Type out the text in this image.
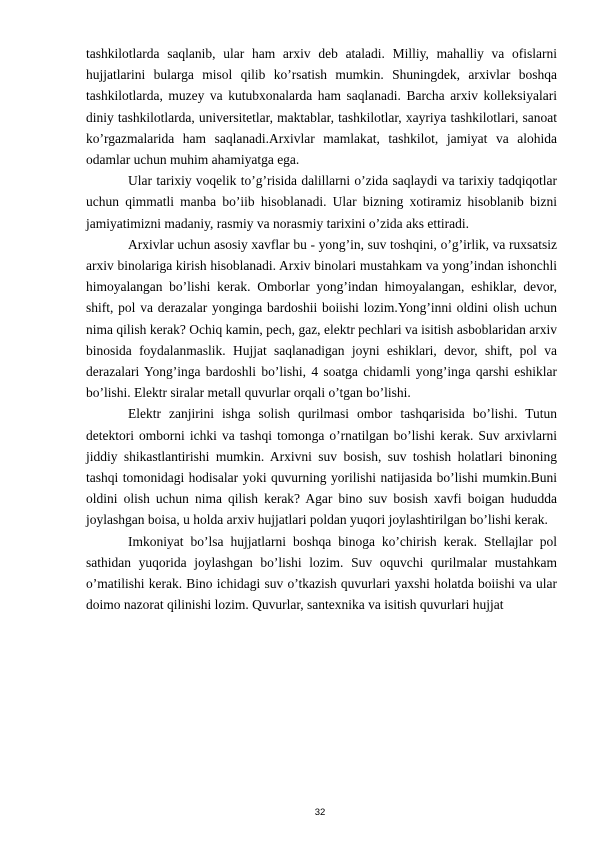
tashkilotlarda saqlanib, ular ham arxiv deb ataladi. Milliy, mahalliy va ofislarni hujjatlarini bularga misol qilib ko’rsatish mumkin. Shuningdek, arxivlar boshqa tashkilotlarda, muzey va kutubxonalarda ham saqlanadi. Barcha arxiv kolleksiyalari diniy tashkilotlarda, universitetlar, maktablar, tashkilotlar, xayriya tashkilotlari, sanoat ko’rgazmalarida ham saqlanadi.Arxivlar mamlakat, tashkilot, jamiyat va alohida odamlar uchun muhim ahamiyatga ega.

Ular tarixiy voqelik to’g’risida dalillarni o’zida saqlaydi va tarixiy tadqiqotlar uchun qimmatli manba bo’iib hisoblanadi. Ular bizning xotiramiz hisoblanib bizni jamiyatimizni madaniy, rasmiy va norasmiy tarixini o’zida aks ettiradi.

Arxivlar uchun asosiy xavflar bu - yong’in, suv toshqini, o’g’irlik, va ruxsatsiz arxiv binolariga kirish hisoblanadi. Arxiv binolari mustahkam va yong’indan ishonchli himoyalangan bo’lishi kerak. Omborlar yong’indan himoyalangan, eshiklar, devor, shift, pol va derazalar yonginga bardoshii boiishi lozim.Yong’inni oldini olish uchun nima qilish kerak? Ochiq kamin, pech, gaz, elektr pechlari va isitish asboblaridan arxiv binosida foydalanmaslik. Hujjat saqlanadigan joyni eshiklari, devor, shift, pol va derazalari Yong’inga bardoshli bo’lishi, 4 soatga chidamli yong’inga qarshi eshiklar bo’lishi. Elektr siralar metall quvurlar orqali o’tgan bo’lishi.

Elektr zanjirini ishga solish qurilmasi ombor tashqarisida bo’lishi. Tutun detektori omborni ichki va tashqi tomonga o’rnatilgan bo’lishi kerak. Suv arxivlarni jiddiy shikastlantirishi mumkin. Arxivni suv bosish, suv toshish holatlari binoning tashqi tomonidagi hodisalar yoki quvurning yorilishi natijasida bo’lishi mumkin.Buni oldini olish uchun nima qilish kerak? Agar bino suv bosish xavfi boigan hududda joylashgan boisa, u holda arxiv hujjatlari poldan yuqori joylashtirilgan bo’lishi kerak.

Imkoniyat bo’lsa hujjatlarni boshqa binoga ko’chirish kerak. Stellajlar pol sathidan yuqorida joylashgan bo’lishi lozim. Suv oquvchi qurilmalar mustahkam o’matilishi kerak. Bino ichidagi suv o’tkazish quvurlari yaxshi holatda boiishi va ular doimo nazorat qilinishi lozim. Quvurlar, santexnika va isitish quvurlari hujjat

32
